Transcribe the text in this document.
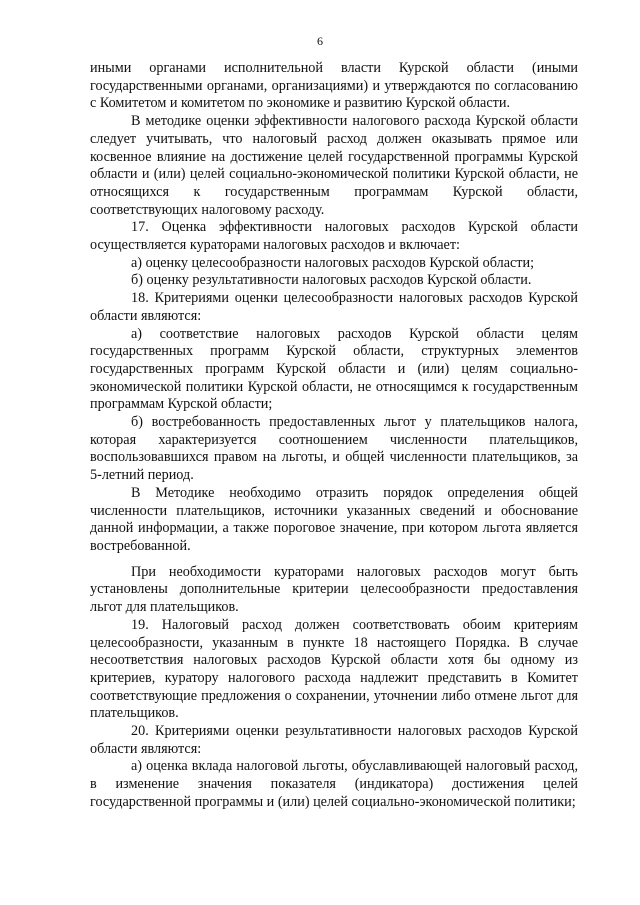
6

иными органами исполнительной власти Курской области (иными государственными органами, организациями) и утверждаются по согласованию с Комитетом и комитетом по экономике и развитию Курской области.

В методике оценки эффективности налогового расхода Курской области следует учитывать, что налоговый расход должен оказывать прямое или косвенное влияние на достижение целей государственной программы Курской области и (или) целей социально-экономической политики Курской области, не относящихся к государственным программам Курской области, соответствующих налоговому расходу.

17. Оценка эффективности налоговых расходов Курской области осуществляется кураторами налоговых расходов и включает:

а) оценку целесообразности налоговых расходов Курской области;

б) оценку результативности налоговых расходов Курской области.

18. Критериями оценки целесообразности налоговых расходов Курской области являются:

а) соответствие налоговых расходов Курской области целям государственных программ Курской области, структурных элементов государственных программ Курской области и (или) целям социально-экономической политики Курской области, не относящимся к государственным программам Курской области;

б) востребованность предоставленных льгот у плательщиков налога, которая характеризуется соотношением численности плательщиков, воспользовавшихся правом на льготы, и общей численности плательщиков, за 5-летний период.

В Методике необходимо отразить порядок определения общей численности плательщиков, источники указанных сведений и обоснование данной информации, а также пороговое значение, при котором льгота является востребованной.

При необходимости кураторами налоговых расходов могут быть установлены дополнительные критерии целесообразности предоставления льгот для плательщиков.

19. Налоговый расход должен соответствовать обоим критериям целесообразности, указанным в пункте 18 настоящего Порядка. В случае несоответствия налоговых расходов Курской области хотя бы одному из критериев, куратору налогового расхода надлежит представить в Комитет соответствующие предложения о сохранении, уточнении либо отмене льгот для плательщиков.

20. Критериями оценки результативности налоговых расходов Курской области являются:

а) оценка вклада налоговой льготы, обуславливающей налоговый расход, в изменение значения показателя (индикатора) достижения целей государственной программы и (или) целей социально-экономической политики;
